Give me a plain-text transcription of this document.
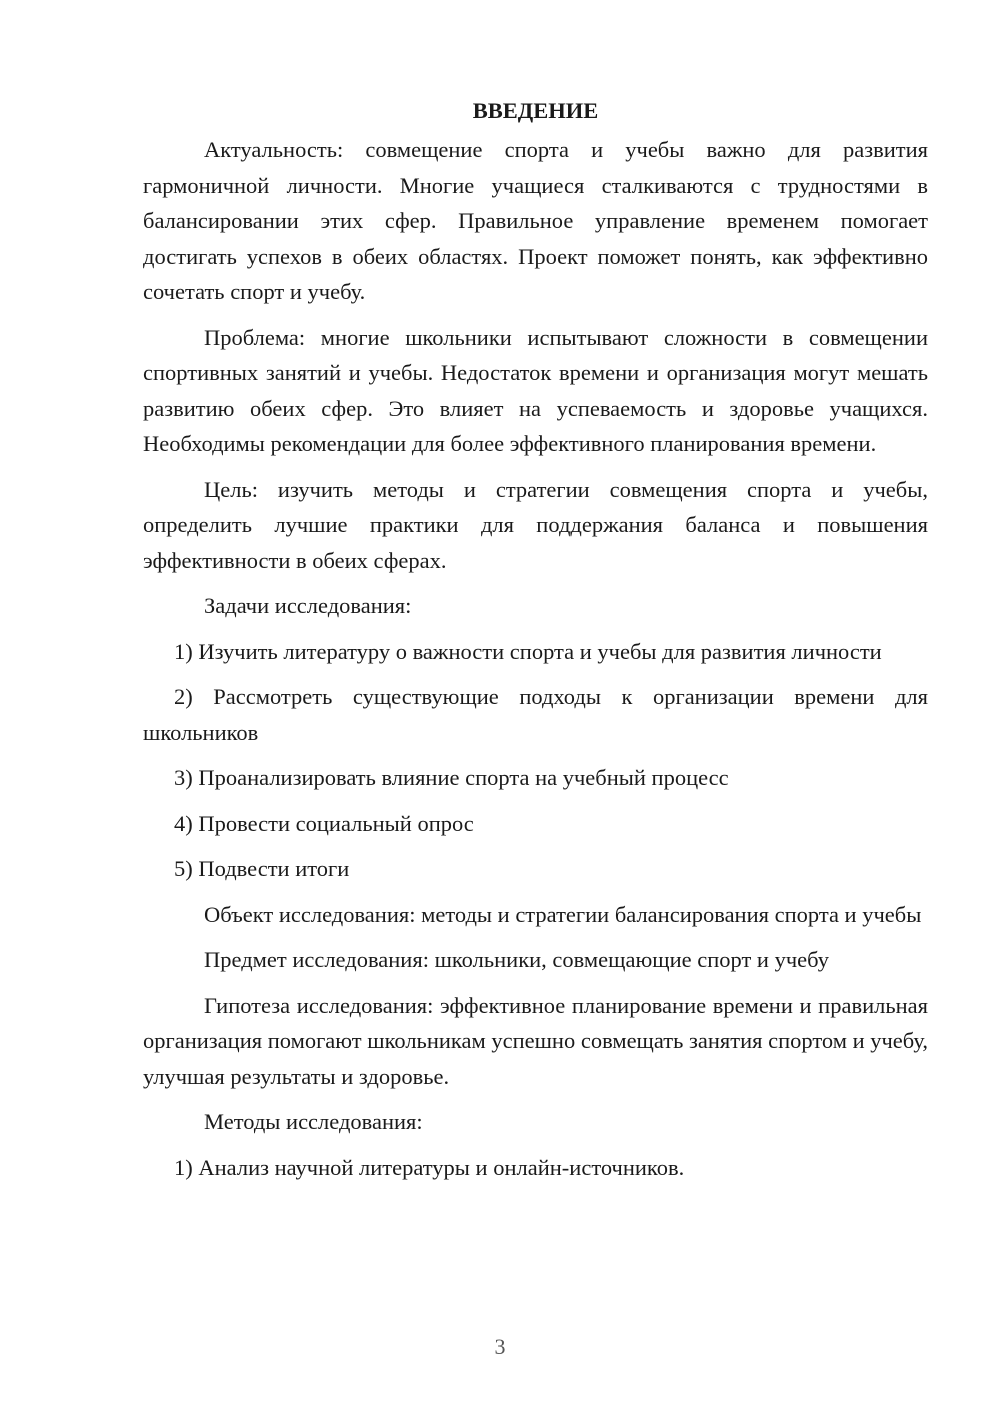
ВВЕДЕНИЕ

Актуальность: совмещение спорта и учебы важно для развития гармоничной личности. Многие учащиеся сталкиваются с трудностями в балансировании этих сфер. Правильное управление временем помогает достигать успехов в обеих областях. Проект поможет понять, как эффективно сочетать спорт и учебу.

Проблема: многие школьники испытывают сложности в совмещении спортивных занятий и учебы. Недостаток времени и организация могут мешать развитию обеих сфер. Это влияет на успеваемость и здоровье учащихся. Необходимы рекомендации для более эффективного планирования времени.

Цель: изучить методы и стратегии совмещения спорта и учебы, определить лучшие практики для поддержания баланса и повышения эффективности в обеих сферах.

Задачи исследования:

1) Изучить литературу о важности спорта и учебы для развития личности

2) Рассмотреть существующие подходы к организации времени для школьников

3) Проанализировать влияние спорта на учебный процесс

4) Провести социальный опрос

5) Подвести итоги

Объект исследования: методы и стратегии балансирования спорта и учебы

Предмет исследования: школьники, совмещающие спорт и учебу

Гипотеза исследования: эффективное планирование времени и правильная организация помогают школьникам успешно совмещать занятия спортом и учебу, улучшая результаты и здоровье.

Методы исследования:

1) Анализ научной литературы и онлайн-источников.

3
